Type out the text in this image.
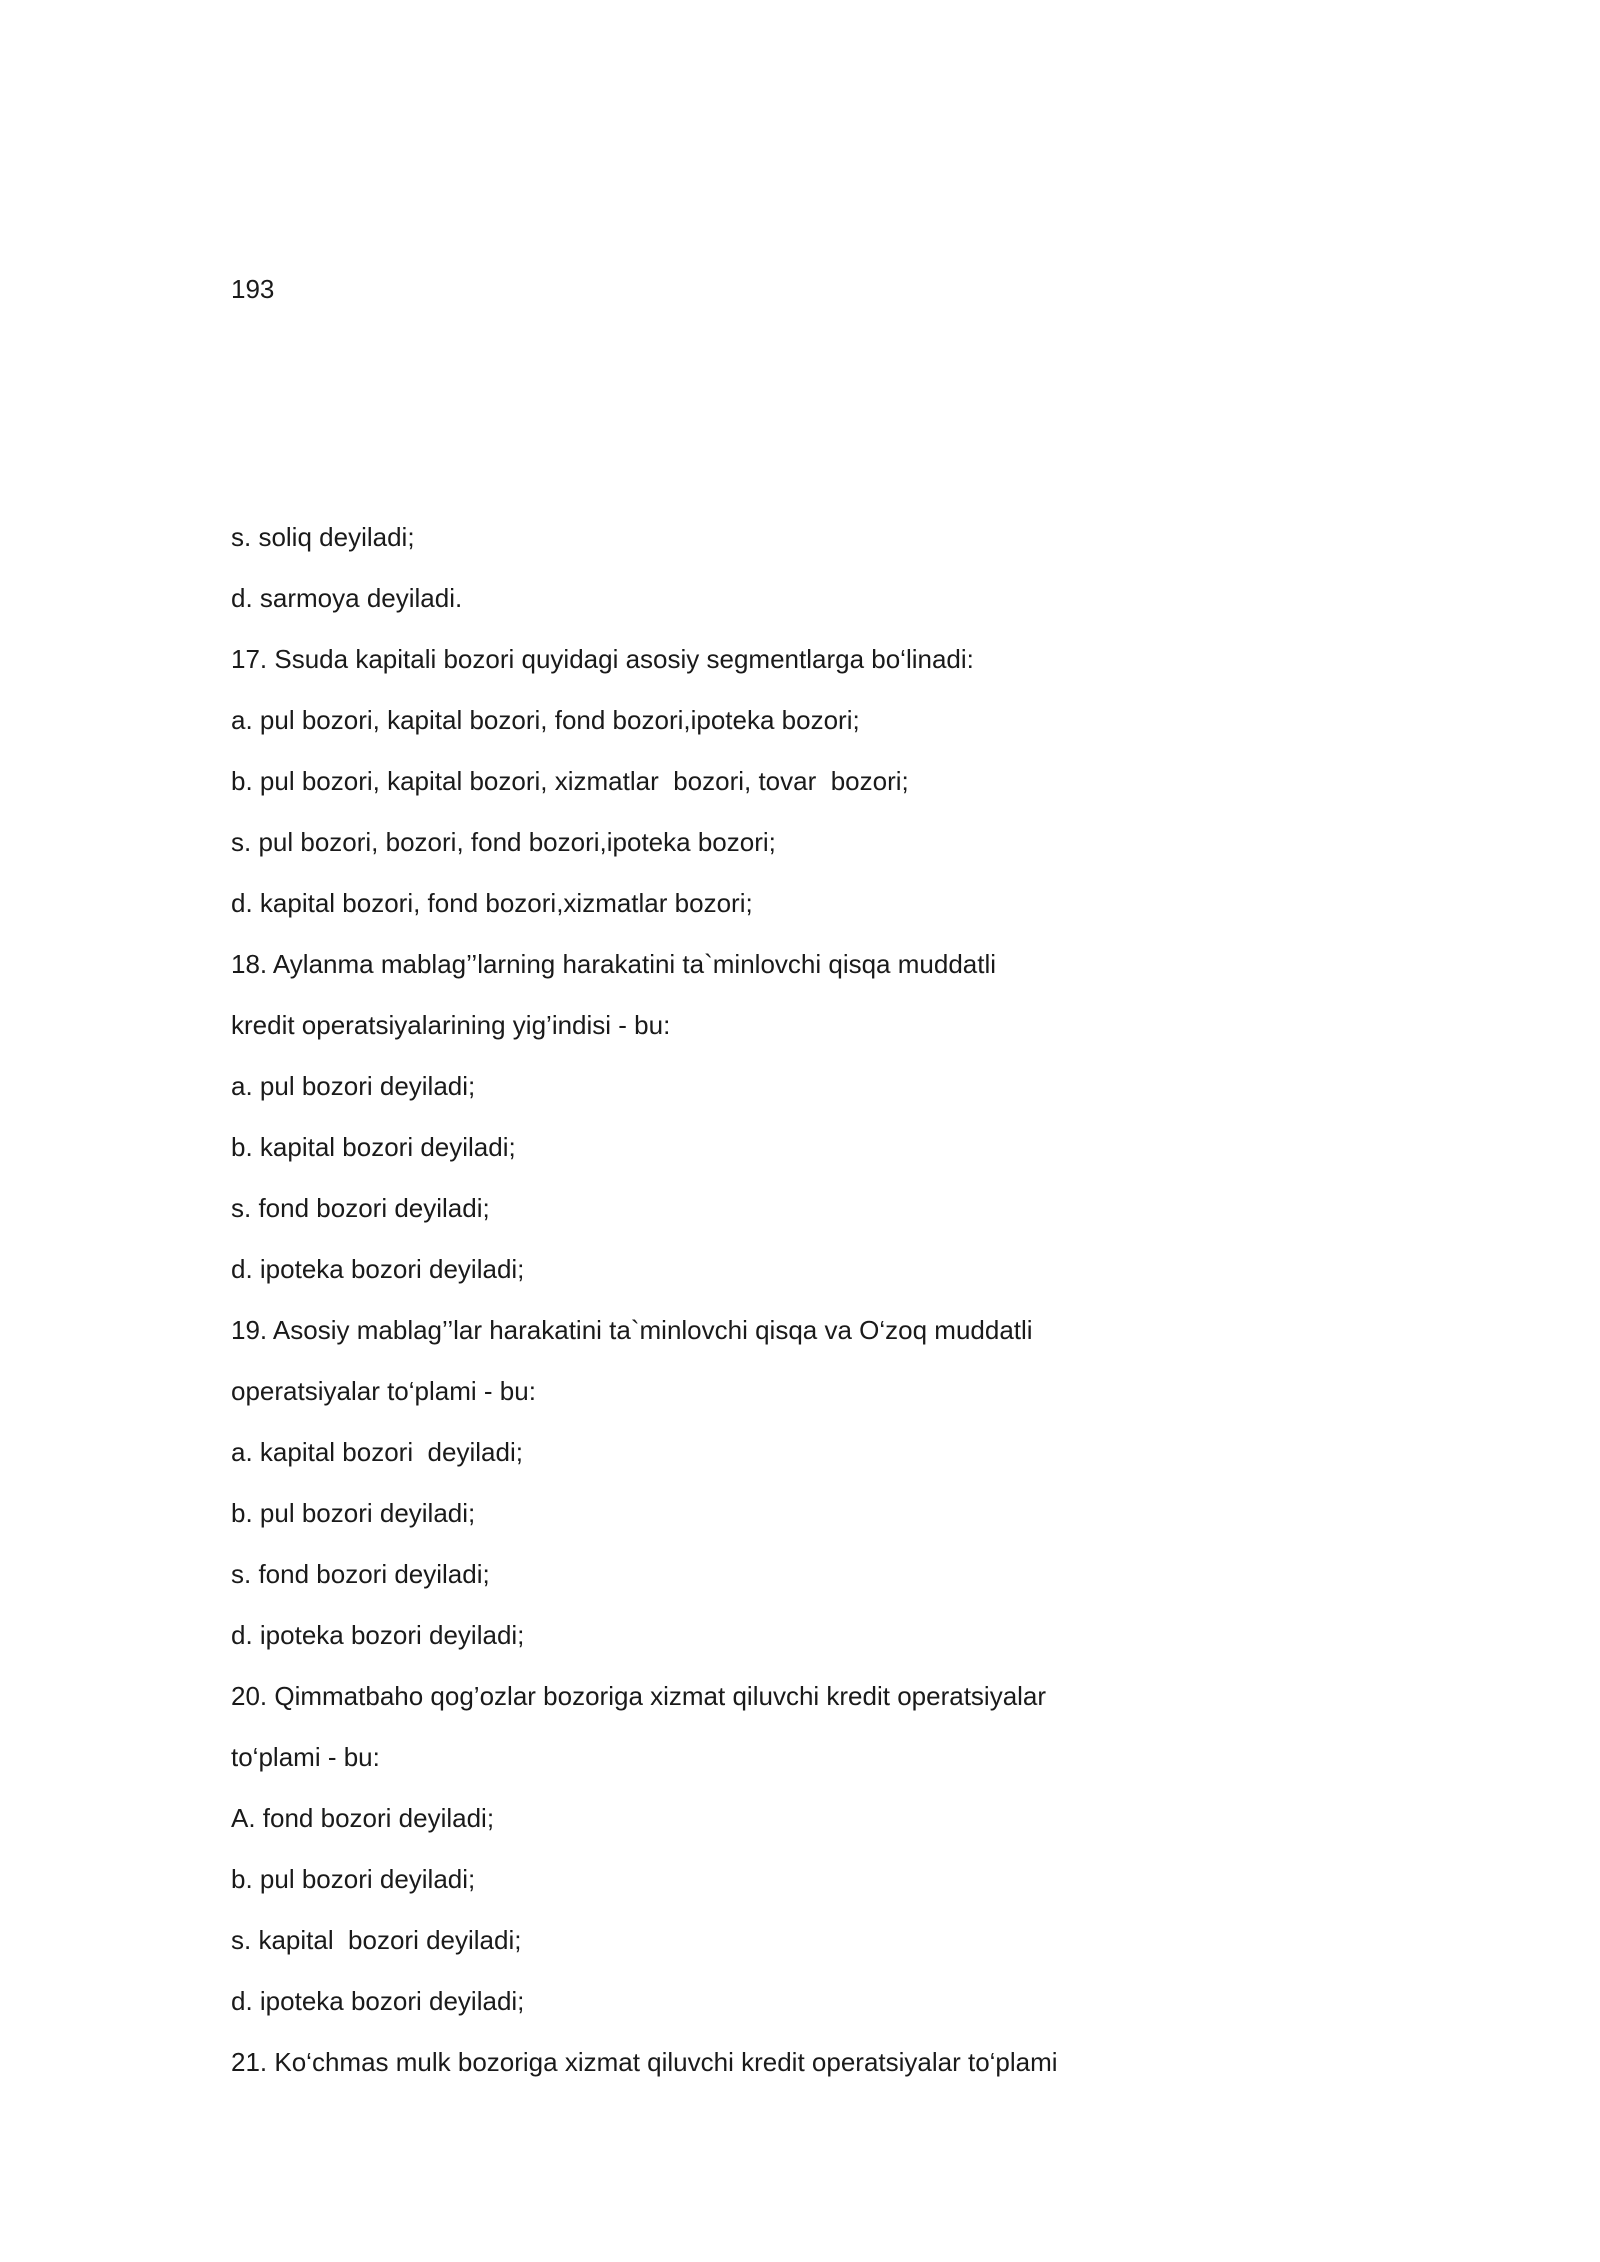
193
s. soliq deyiladi;
d. sarmoya deyiladi.
17. Ssuda kapitali bozori quyidagi asosiy segmentlarga bo‘linadi:
a. pul bozori, kapital bozori, fond bozori,ipoteka bozori;
b. pul bozori, kapital bozori, xizmatlar  bozori, tovar  bozori;
s. pul bozori, bozori, fond bozori,ipoteka bozori;
d. kapital bozori, fond bozori,xizmatlar bozori;
18. Aylanma mablag’’larning harakatini ta`minlovchi qisqa muddatli
kredit operatsiyalarining yig’indisi - bu:
a. pul bozori deyiladi;
b. kapital bozori deyiladi;
s. fond bozori deyiladi;
d. ipoteka bozori deyiladi;
19. Asosiy mablag’’lar harakatini ta`minlovchi qisqa va O‘zoq muddatli
operatsiyalar to‘plami - bu:
a. kapital bozori  deyiladi;
b. pul bozori deyiladi;
s. fond bozori deyiladi;
d. ipoteka bozori deyiladi;
20. Qimmatbaho qog’ozlar bozoriga xizmat qiluvchi kredit operatsiyalar
to‘plami - bu:
A. fond bozori deyiladi;
b. pul bozori deyiladi;
s. kapital  bozori deyiladi;
d. ipoteka bozori deyiladi;
21. Ko‘chmas mulk bozoriga xizmat qiluvchi kredit operatsiyalar to‘plami
